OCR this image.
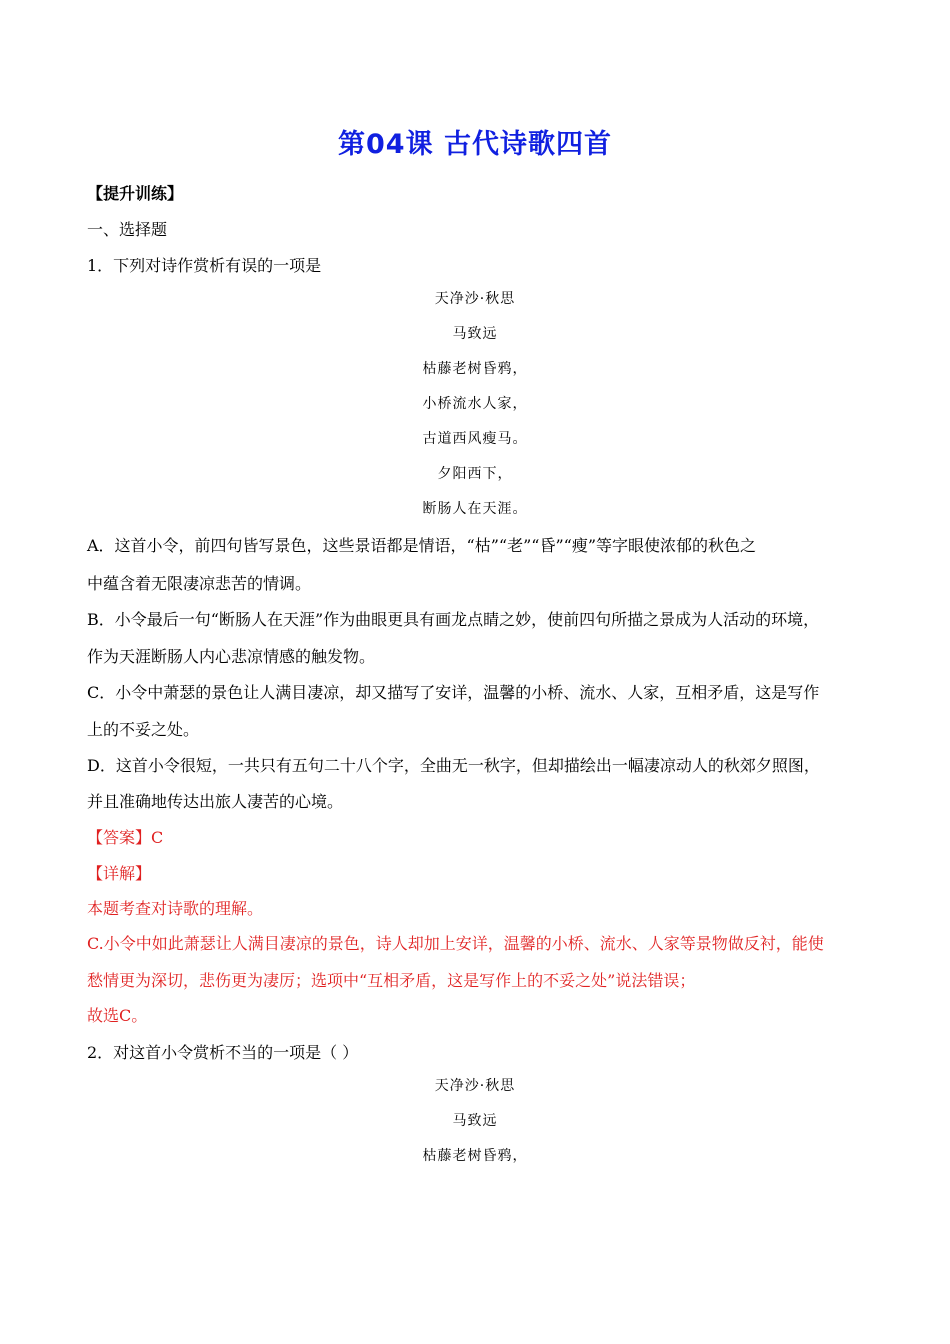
第04课 古代诗歌四首
【提升训练】
一、选择题
1．下列对诗作赏析有误的一项是
天净沙·秋思
马致远
枯藤老树昏鸦，
小桥流水人家，
古道西风瘦马。
夕阳西下，
断肠人在天涯。
A．这首小令，前四句皆写景色，这些景语都是情语，“枯”“老”“昏”“瘦”等字眼使浓郁的秋色之
中蕴含着无限凄凉悲苦的情调。
B．小令最后一句“断肠人在天涯”作为曲眼更具有画龙点睛之妙，使前四句所描之景成为人活动的环境，
作为天涯断肠人内心悲凉情感的触发物。
C．小令中萧瑟的景色让人满目凄凉，却又描写了安详，温馨的小桥、流水、人家，互相矛盾，这是写作
上的不妥之处。
D．这首小令很短，一共只有五句二十八个字，全曲无一秋字，但却描绘出一幅凄凉动人的秋郊夕照图，
并且准确地传达出旅人凄苦的心境。
【答案】C
【详解】
本题考查对诗歌的理解。
C.小令中如此萧瑟让人满目凄凉的景色，诗人却加上安详，温馨的小桥、流水、人家等景物做反衬，能使
愁情更为深切，悲伤更为凄厉；选项中“互相矛盾，这是写作上的不妥之处”说法错误；
故选C。
2．对这首小令赏析不当的一项是（ ）
天净沙·秋思
马致远
枯藤老树昏鸦，
